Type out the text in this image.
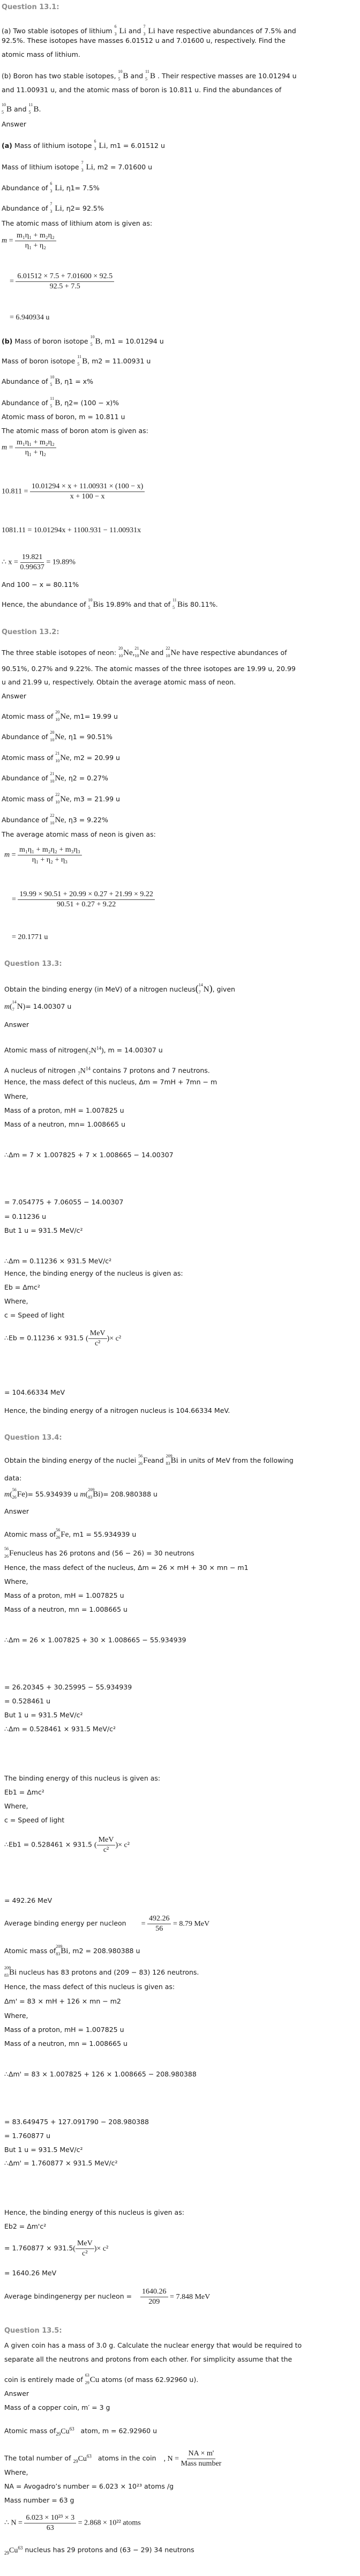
Question 13.1:
(a) Two stable isotopes of lithium
6
3 Li and
7
3 Li have respective abundances of 7.5% and
92.5%. These isotopes have masses 6.01512 u and 7.01600 u, respectively. Find the
atomic mass of lithium.
(b) Boron has two stable isotopes,
10
5 B and
11
5 B . Their respective masses are 10.01294 u
and 11.00931 u, and the atomic mass of boron is 10.811 u. Find the abundances of
10
5 B and
11
5 B.
Answer
(a) Mass of lithium isotope
6
3 Li, m1 = 6.01512 u
Mass of lithium isotope
7
3 Li, m2 = 7.01600 u
Abundance of
6
3 Li, η1= 7.5%
Abundance of
7
3 Li, η2= 92.5%
The atomic mass of lithium atom is given as:
$m = \frac{\text{m₁η₁ + m₂η₂}}{\text{η₁ + η₂}}$
= $\frac{6.01512 \times 7.5 + 7.01600 \times 92.5}{92.5 + 7.5}$
= 6.940934 u
(b) Mass of boron isotope
10
5 B, m1 = 10.01294 u
Mass of boron isotope
11
5 B, m2 = 11.00931 u
Abundance of
10
5 B, η1 = x%
Abundance of
11
5 B, η2= (100 − x)%
Atomic mass of boron, m = 10.811 u
The atomic mass of boron atom is given as:
$m = \frac{\text{m₁η₁ + m₂η₂}}{\text{η₁ + η₂}}$
$10.811 = \frac{10.01294 \times x + 11.00931 \times (100 - x)}{x + 100 - x}$
1081.11 = 10.01294x + 1100.931 − 11.00931x
∴ $x = \frac{19.821}{0.99637} = 19.89\%$
And 100 − x = 80.11%
Hence, the abundance of
10
5 Bis 19.89% and that of
11
5 Bis 80.11%.
Question 13.2:
The three stable isotopes of neon:
20
10 Ne,
21
10 Ne and
22
10 Ne have respective abundances of
90.51%, 0.27% and 9.22%. The atomic masses of the three isotopes are 19.99 u, 20.99
u and 21.99 u, respectively. Obtain the average atomic mass of neon.
Answer
Atomic mass of
20
10 Ne, m1= 19.99 u
Abundance of
20
10 Ne, η1 = 90.51%
Atomic mass of
21
10 Ne, m2 = 20.99 u
Abundance of
21
10 Ne, η2 = 0.27%
Atomic mass of
22
10 Ne, m3 = 21.99 u
Abundance of
22
10 Ne, η3 = 9.22%
The average atomic mass of neon is given as:
$m = \frac{\text{m₁η₁ + m₂η₂ + m₃η₃}}{\text{η₁ + η₂ + η₃}}$
= $\frac{19.99 \times 90.51 + 20.99 \times 0.27 + 21.99 \times 9.22}{90.51 + 0.27 + 9.22}$
= 20.1771 u
Question 13.3:
Obtain the binding energy (in MeV) of a nitrogen nucleus( 14
7 N), given
m(
14
7 N)= 14.00307 u
Answer
Atomic mass of $nitrogen(_7N^{14})$, m = 14.00307 u
A nucleus of nitrogen $_7N^{14}$ contains 7 protons and 7 neutrons.
Hence, the mass defect of this nucleus, Δm = 7mH + 7mn − m
Where,
Mass of a proton, mH = 1.007825 u
Mass of a neutron, mn= 1.008665 u
∴Δm = 7 × 1.007825 + 7 × 1.008665 − 14.00307
= 7.054775 + 7.06055 − 14.00307
= 0.11236 u
But 1 u = 931.5 MeV/c²
∴Δm = 0.11236 × 931.5 MeV/c²
Hence, the binding energy of the nucleus is given as:
Eb = Δmc²
Where,
c = Speed of light
∴Eb = 0.11236 × 931.5 ( $\frac{\text{MeV}}{\text{c²}}$ )× c²
= 104.66334 MeV
Hence, the binding energy of a nitrogen nucleus is 104.66334 MeV.
Question 13.4:
Obtain the binding energy of the nuclei
56
26 Feand
209
83 Bi in units of MeV from the following
data:
m(
56
26 Fe)= 55.934939 u m(
209
83 Bi)= 208.980388 u
Answer
Atomic mass of
56
26 Fe, m1 = 55.934939 u
56
26 Fenucleus has 26 protons and (56 − 26) = 30 neutrons
Hence, the mass defect of the nucleus, Δm = 26 × mH + 30 × mn − m1
Where,
Mass of a proton, mH = 1.007825 u
Mass of a neutron, mn = 1.008665 u
∴Δm = 26 × 1.007825 + 30 × 1.008665 − 55.934939
= 26.20345 + 30.25995 − 55.934939
= 0.528461 u
But 1 u = 931.5 MeV/c²
∴Δm = 0.528461 × 931.5 MeV/c²
The binding energy of this nucleus is given as:
Eb1 = Δmc²
Where,
c = Speed of light
∴Eb1 = 0.528461 × 931.5 ( $\frac{\text{MeV}}{\text{c²}}$ )× c²
= 492.26 MeV
Average binding energy per nucleon = $\frac{492.26}{56} = 8.79$ MeV
Atomic mass of
209
83 Bi, m2 = 208.980388 u
209
83 Bi nucleus has 83 protons and (209 − 83) 126 neutrons.
Hence, the mass defect of this nucleus is given as:
Δm' = 83 × mH + 126 × mn − m2
Where,
Mass of a proton, mH = 1.007825 u
Mass of a neutron, mn = 1.008665 u
∴Δm' = 83 × 1.007825 + 126 × 1.008665 − 208.980388
= 83.649475 + 127.091790 − 208.980388
= 1.760877 u
But 1 u = 931.5 MeV/c²
∴Δm' = 1.760877 × 931.5 MeV/c²
Hence, the binding energy of this nucleus is given as:
Eb2 = Δm'c²
= $1.760877 \times 931.5( \frac{\text{MeV}}{\text{c²}}$ )× c²
= 1640.26 MeV
Average bindingenergy per nucleon = $\frac{1640.26}{209} = 7.848$ MeV
Question 13.5:
A given coin has a mass of 3.0 g. Calculate the nuclear energy that would be required to
separate all the neutrons and protons from each other. For simplicity assume that the
coin is entirely made of
63
29 Cu atoms (of mass 62.92960 u).
Answer
Mass of a copper coin, m′ = 3 g
Atomic mass $of_{29}Cu^{63}$ atom, m = 62.92960 u
The total number of $_{29}Cu^{63}$ atoms in the coin , $N = \frac{NA \times m'}{\text{Mass number}}$
Where,
NA = Avogadro’s number = 6.023 × 10²³ atoms /g
Mass number = 63 g
∴ $N = \frac{\text{6.023 × 10²³ × 3}}{63} = 2.868 \times 10^{22}$ atoms
$_{29}Cu^{63}$ nucleus has 29 protons and (63 − 29) 34 neutrons
